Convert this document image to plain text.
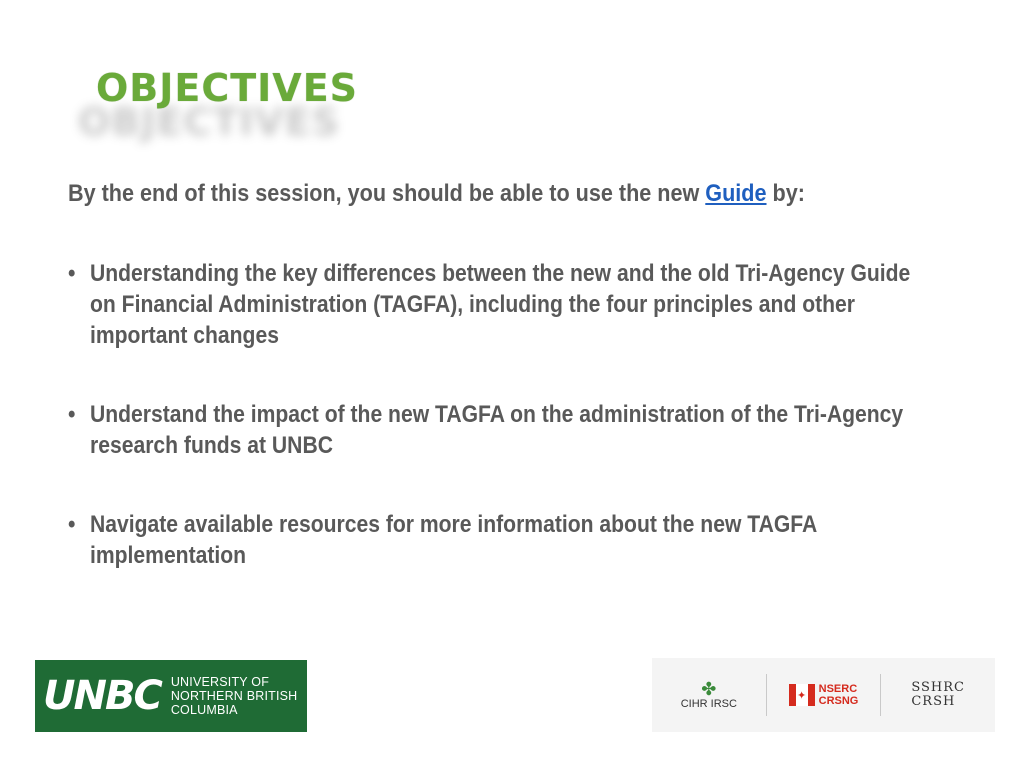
OBJECTIVES
OBJECTIVES
By the end of this session, you should be able to use the new Guide by:
• Understanding the key differences between the new and the old Tri-Agency Guide on Financial Administration (TAGFA), including the four principles and other important changes
• Understand the impact of the new TAGFA on the administration of the Tri-Agency research funds at UNBC
• Navigate available resources for more information about the new TAGFA implementation
UNBC UNIVERSITY OF
NORTHERN BRITISH COLUMBIA
✤
CIHR IRSC
✦
NSERC
CRSNG
SSHRC
CRSH
